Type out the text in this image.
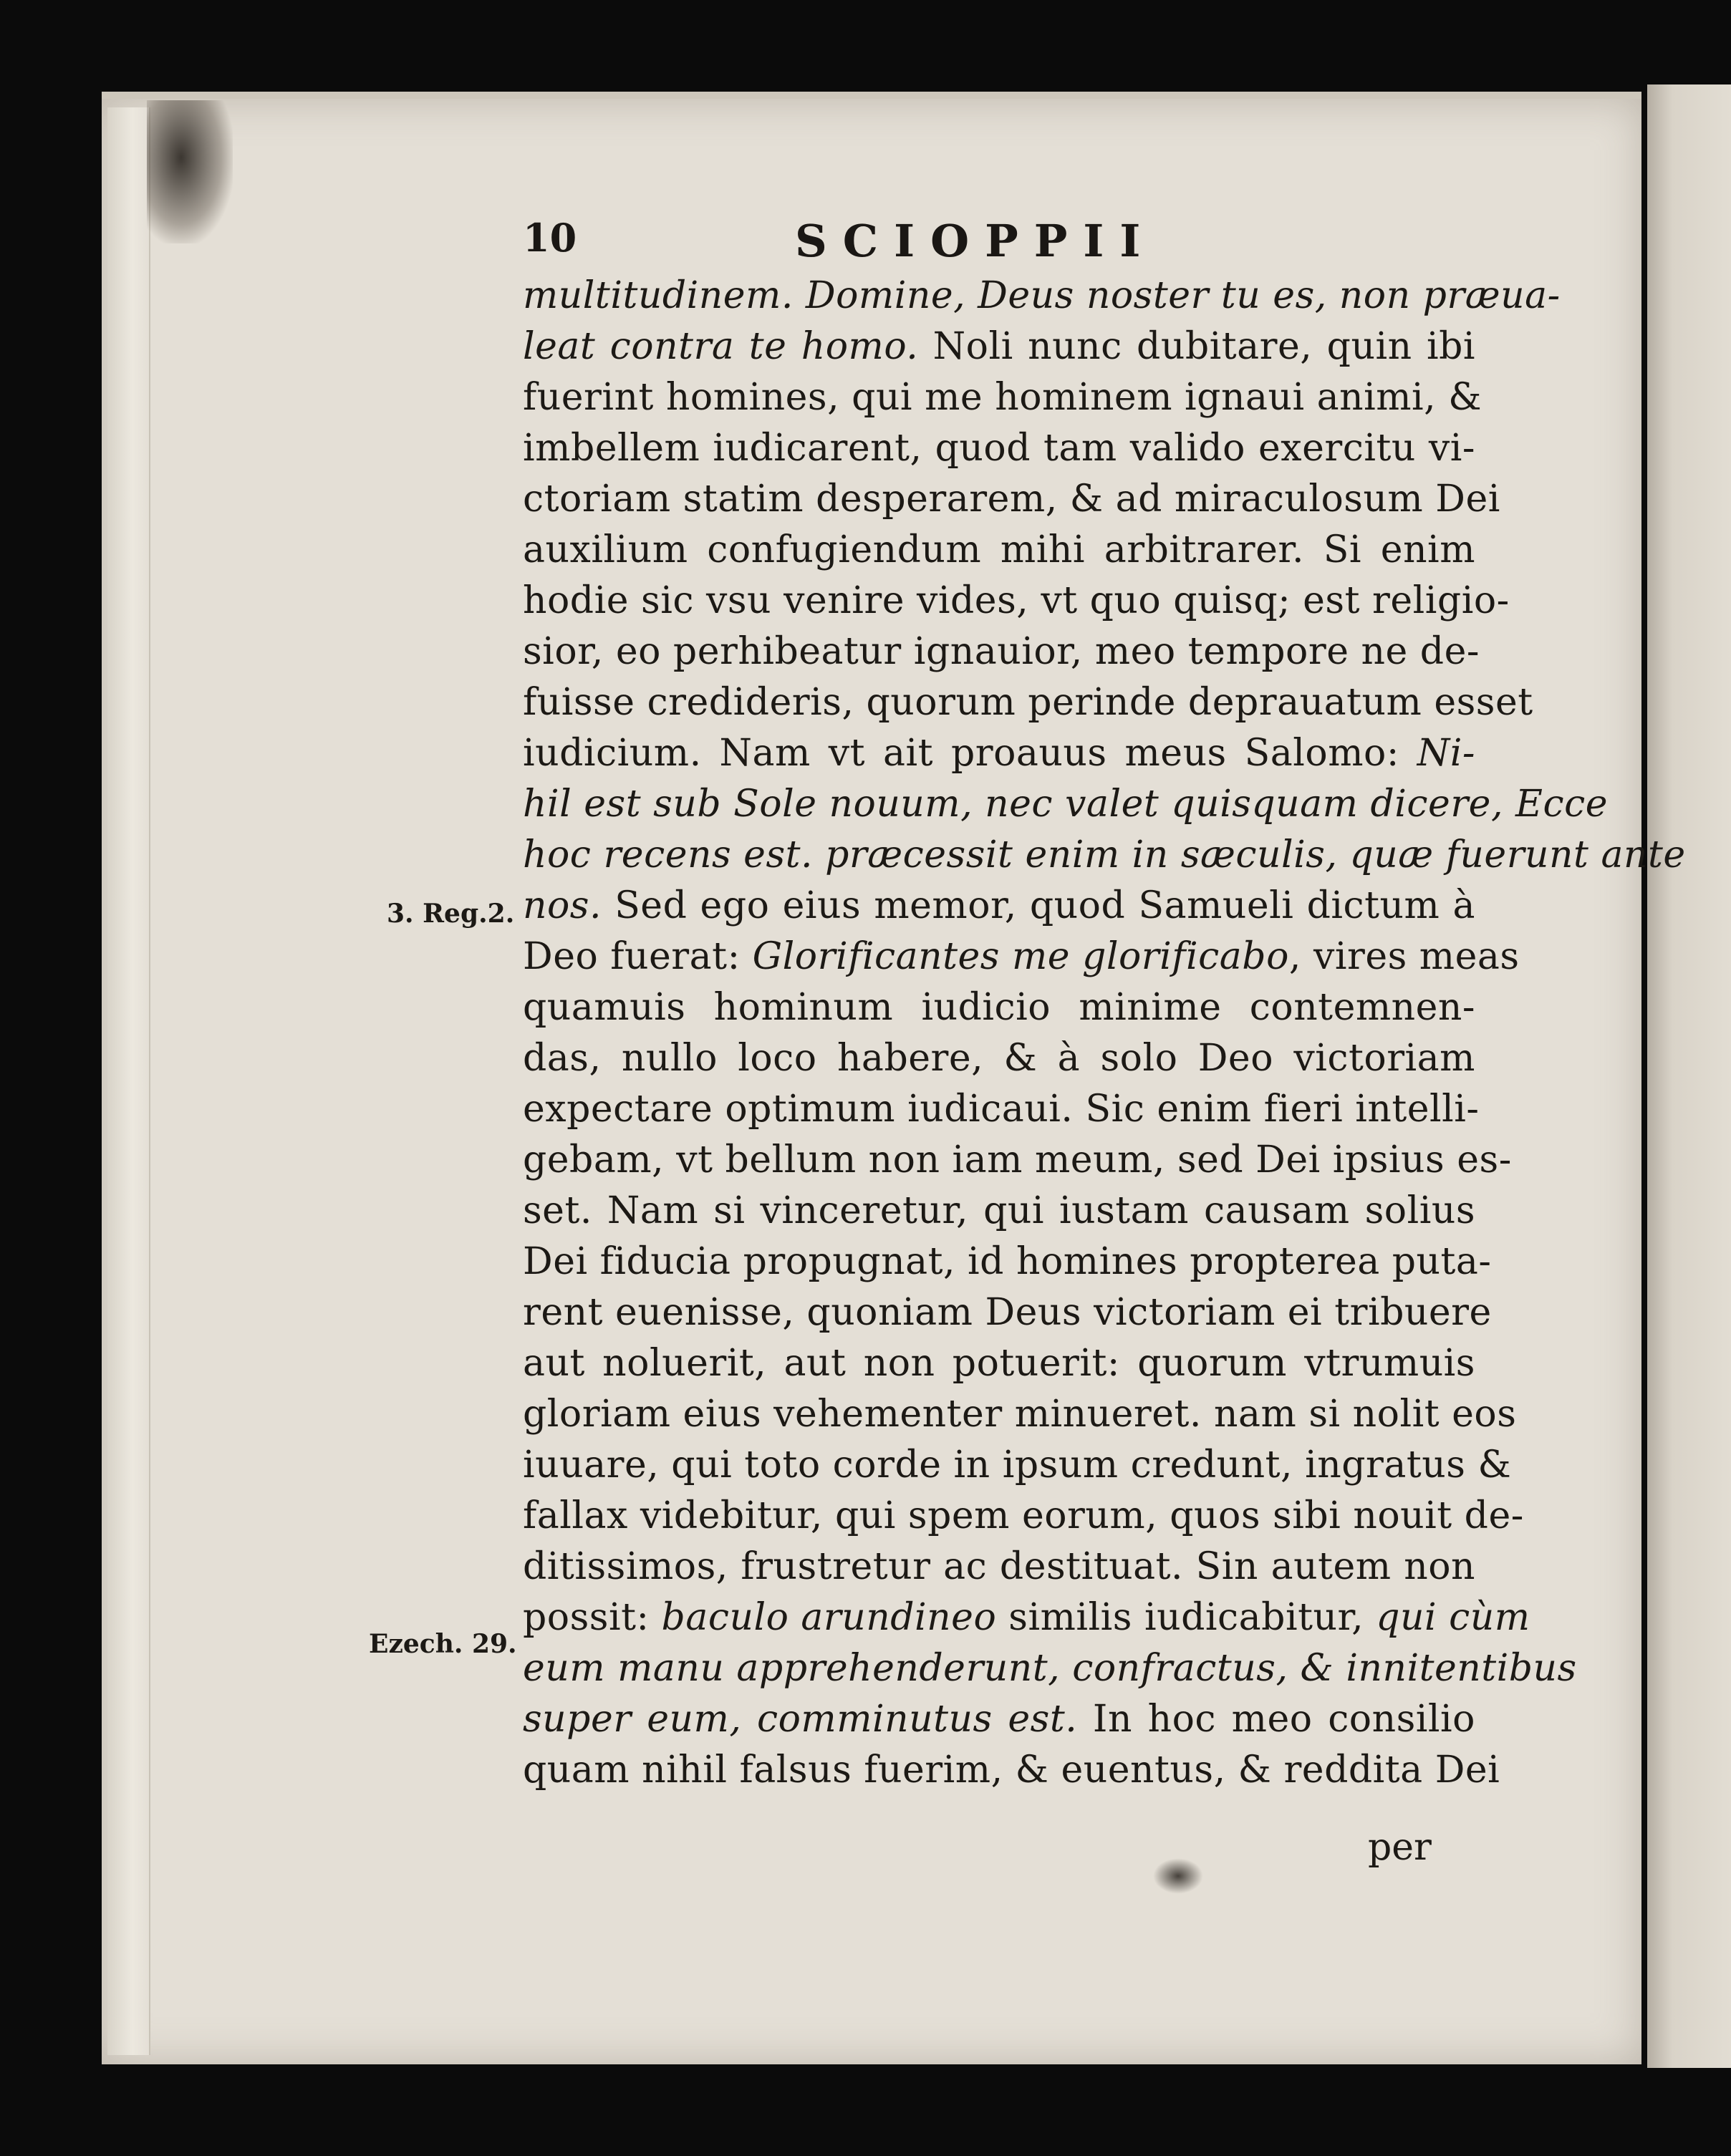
10	SCIOPPII
multitudinem. Domine, Deus noster tu es, non præua-
leat contra te homo. Noli nunc dubitare, quin ibi
fuerint homines, qui me hominem ignaui animi, &
imbellem iudicarent, quod tam valido exercitu vi-
ctoriam statim desperarem, & ad miraculosum Dei
auxilium confugiendum mihi arbitrarer. Si enim
hodie sic vsu venire vides, vt quo quisq; est religio-
sior, eo perhibeatur ignauior, meo tempore ne de-
fuisse credideris, quorum perinde deprauatum esset
iudicium. Nam vt ait proauus meus Salomo: Ni-
hil est sub Sole nouum, nec valet quisquam dicere, Ecce
hoc recens est. præcessit enim in sæculis, quæ fuerunt ante
nos. Sed ego eius memor, quod Samueli dictum à
Deo fuerat: Glorificantes me glorificabo, vires meas
quamuis hominum iudicio minime contemnen-
das, nullo loco habere, & à solo Deo victoriam
expectare optimum iudicaui. Sic enim fieri intelli-
gebam, vt bellum non iam meum, sed Dei ipsius es-
set. Nam si vinceretur, qui iustam causam solius
Dei fiducia propugnat, id homines propterea puta-
rent euenisse, quoniam Deus victoriam ei tribuere
aut noluerit, aut non potuerit: quorum vtrumuis
gloriam eius vehementer minueret. nam si nolit eos
iuuare, qui toto corde in ipsum credunt, ingratus &
fallax videbitur, qui spem eorum, quos sibi nouit de-
ditissimos, frustretur ac destituat. Sin autem non
possit: baculo arundineo similis iudicabitur, qui cùm
eum manu apprehenderunt, confractus, & innitentibus
super eum, comminutus est. In hoc meo consilio
quam nihil falsus fuerim, & euentus, & reddita Dei
3. Reg.2.
Ezech. 29.
per
